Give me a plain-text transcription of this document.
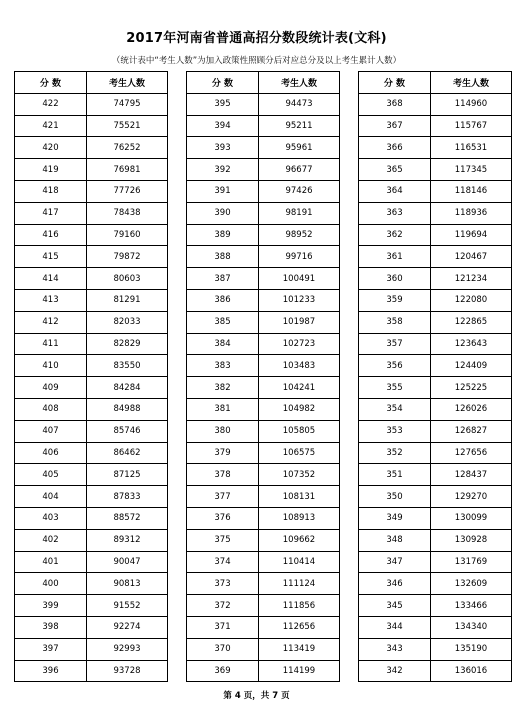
2017年河南省普通高招分数段统计表(文科)
（统计表中“考生人数”为加入政策性照顾分后对应总分及以上考生累计人数）
分 数	考生人数
422	74795
421	75521
420	76252
419	76981
418	77726
417	78438
416	79160
415	79872
414	80603
413	81291
412	82033
411	82829
410	83550
409	84284
408	84988
407	85746
406	86462
405	87125
404	87833
403	88572
402	89312
401	90047
400	90813
399	91552
398	92274
397	92993
396	93728
分 数	考生人数
395	94473
394	95211
393	95961
392	96677
391	97426
390	98191
389	98952
388	99716
387	100491
386	101233
385	101987
384	102723
383	103483
382	104241
381	104982
380	105805
379	106575
378	107352
377	108131
376	108913
375	109662
374	110414
373	111124
372	111856
371	112656
370	113419
369	114199
分 数	考生人数
368	114960
367	115767
366	116531
365	117345
364	118146
363	118936
362	119694
361	120467
360	121234
359	122080
358	122865
357	123643
356	124409
355	125225
354	126026
353	126827
352	127656
351	128437
350	129270
349	130099
348	130928
347	131769
346	132609
345	133466
344	134340
343	135190
342	136016
第 4 页，共 7 页
